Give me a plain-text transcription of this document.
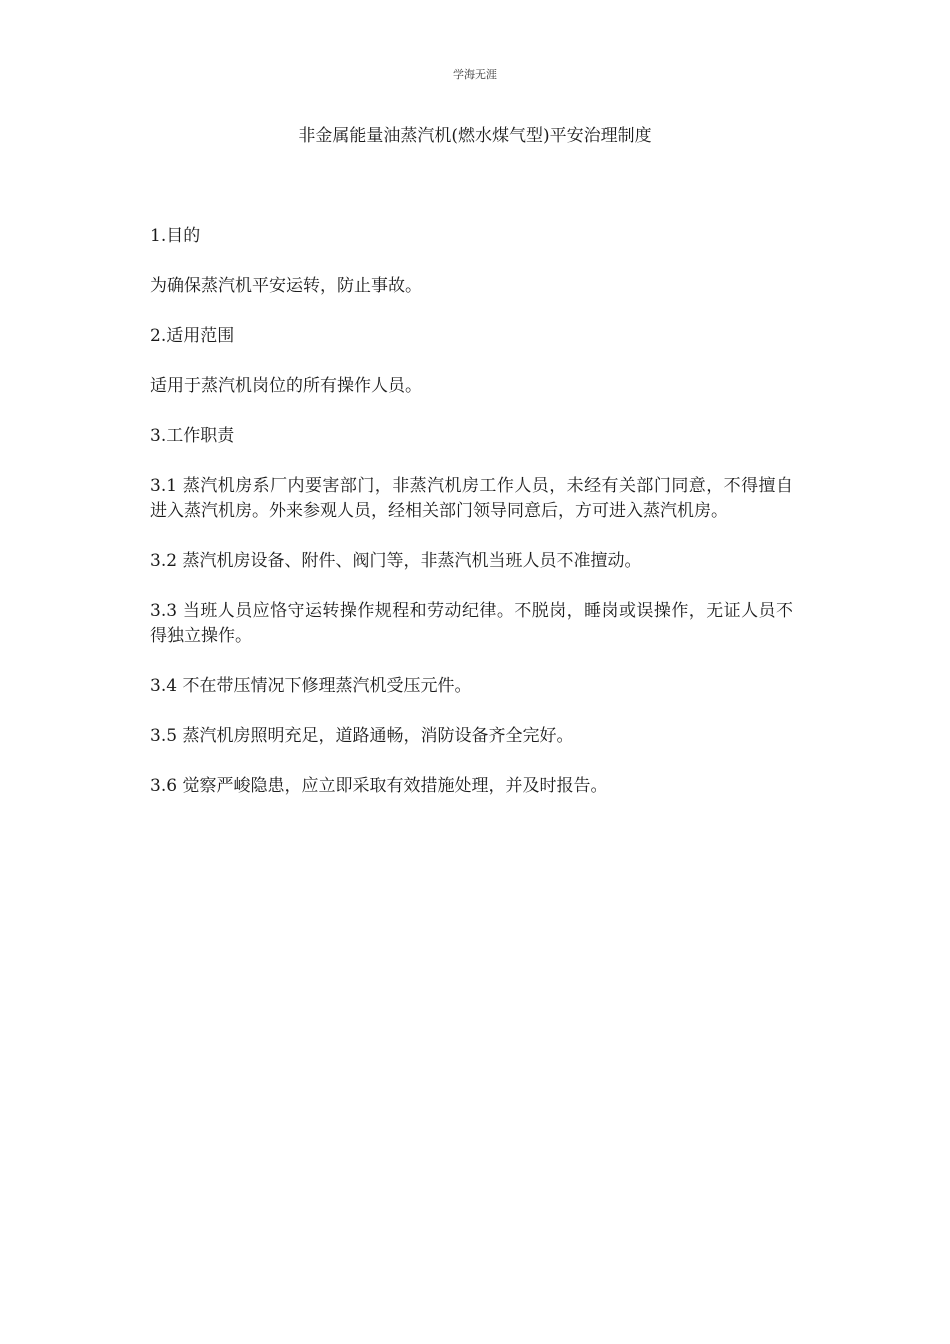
学海无涯
非金属能量油蒸汽机(燃水煤气型)平安治理制度

1.目的

为确保蒸汽机平安运转，防止事故。

2.适用范围

适用于蒸汽机岗位的所有操作人员。

3.工作职责

3.1 蒸汽机房系厂内要害部门，非蒸汽机房工作人员，未经有关部门同意，不得擅自进入蒸汽机房。外来参观人员，经相关部门领导同意后，方可进入蒸汽机房。

3.2 蒸汽机房设备、附件、阀门等，非蒸汽机当班人员不准擅动。

3.3 当班人员应恪守运转操作规程和劳动纪律。不脱岗，睡岗或误操作，无证人员不得独立操作。

3.4 不在带压情况下修理蒸汽机受压元件。

3.5 蒸汽机房照明充足，道路通畅，消防设备齐全完好。

3.6 觉察严峻隐患，应立即采取有效措施处理，并及时报告。
